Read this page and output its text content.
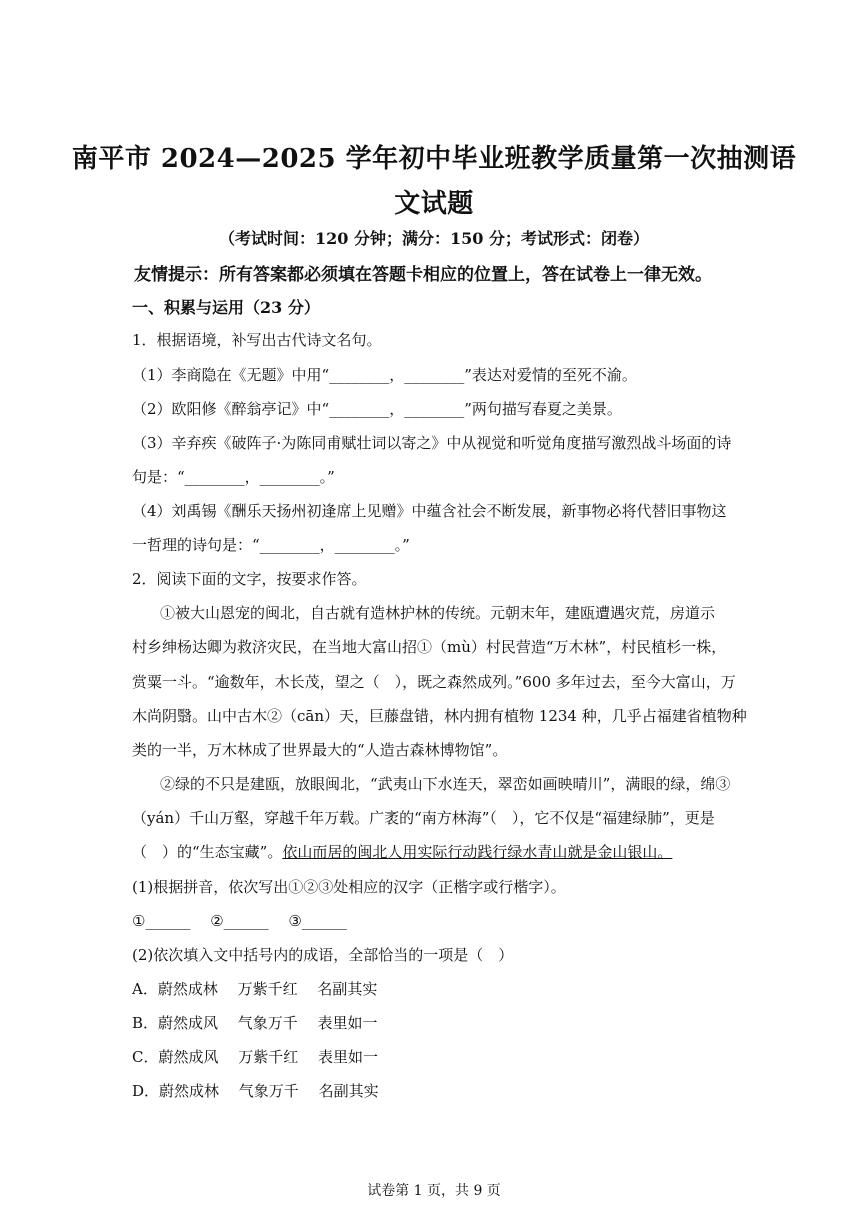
南平市 2024—2025 学年初中毕业班教学质量第一次抽测语
文试题
（考试时间：120 分钟；满分：150 分；考试形式：闭卷）
友情提示：所有答案都必须填在答题卡相应的位置上，答在试卷上一律无效。
一、积累与运用（23 分）
1．根据语境，补写出古代诗文名句。
（1）李商隐在《无题》中用“________，________”表达对爱情的至死不渝。
（2）欧阳修《醉翁亭记》中“________，________”两句描写春夏之美景。
（3）辛弃疾《破阵子·为陈同甫赋壮词以寄之》中从视觉和听觉角度描写激烈战斗场面的诗
句是：“________，________。”
（4）刘禹锡《酬乐天扬州初逢席上见赠》中蕴含社会不断发展，新事物必将代替旧事物这
一哲理的诗句是：“________，________。”
2．阅读下面的文字，按要求作答。
①被大山恩宠的闽北，自古就有造林护林的传统。元朝末年，建瓯遭遇灾荒，房道示
村乡绅杨达卿为救济灾民，在当地大富山招①（mù）村民营造“万木林”，村民植杉一株，
赏粟一斗。“逾数年，木长茂，望之（　），既之森然成列。”600 多年过去，至今大富山，万
木尚阴翳。山中古木②（cān）天，巨藤盘错，林内拥有植物 1234 种，几乎占福建省植物种
类的一半，万木林成了世界最大的“人造古森林博物馆”。
②绿的不只是建瓯，放眼闽北，“武夷山下水连天，翠峦如画映晴川”，满眼的绿，绵③
（yán）千山万壑，穿越千年万载。广袤的“南方林海”（　），它不仅是“福建绿肺”，更是
（　）的“生态宝藏”。依山而居的闽北人用实际行动践行绿水青山就是金山银山。
(1)根据拼音，依次写出①②③处相应的汉字（正楷字或行楷字）。
①______　 ②______　 ③______
(2)依次填入文中括号内的成语，全部恰当的一项是（　）
A．蔚然成林　 万紫千红　 名副其实
B．蔚然成风　 气象万千　 表里如一
C．蔚然成风　 万紫千红　 表里如一
D．蔚然成林　 气象万千　 名副其实
试卷第 1 页，共 9 页
